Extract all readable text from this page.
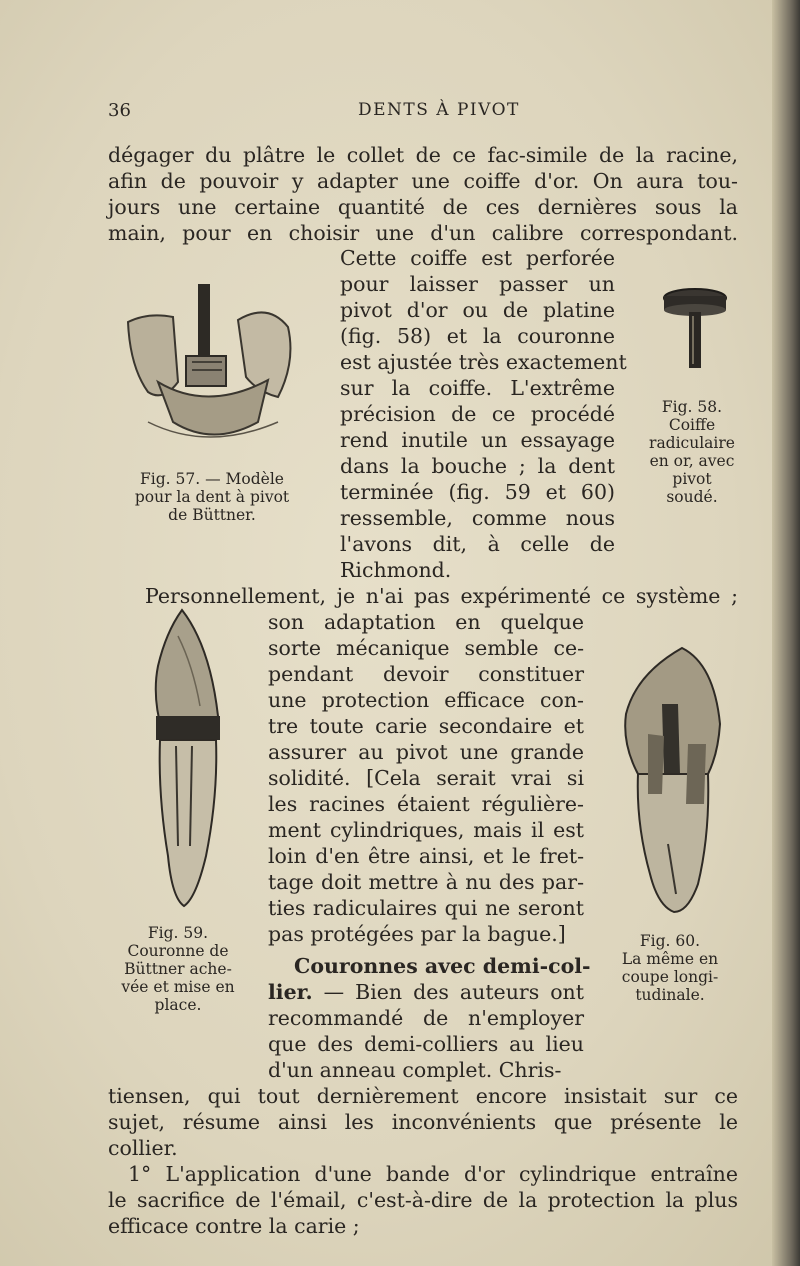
36	DENTS À PIVOT
dégager du plâtre le collet de ce fac-simile de la racine,
afin de pouvoir y adapter une coiffe d'or. On aura tou-
jours une certaine quantité de ces dernières sous la
main, pour en choisir une d'un calibre correspondant.
Cette coiffe est perforée
pour laisser passer un
pivot d'or ou de platine
(fig. 58) et la couronne
est ajustée très exactement
sur la coiffe. L'extrême
précision de ce procédé
rend inutile un essayage
dans la bouche ; la dent
terminée (fig. 59 et 60)
ressemble, comme nous
l'avons dit, à celle de
Richmond.
Personnellement, je n'ai pas expérimenté ce système ;
son adaptation en quelque
sorte mécanique semble ce-
pendant devoir constituer
une protection efficace con-
tre toute carie secondaire et
assurer au pivot une grande
solidité. [Cela serait vrai si
les racines étaient régulière-
ment cylindriques, mais il est
loin d'en être ainsi, et le fret-
tage doit mettre à nu des par-
ties radiculaires qui ne seront
pas protégées par la bague.]
Couronnes avec demi-col-
lier. — Bien des auteurs ont
recommandé de n'employer
que des demi-colliers au lieu
d'un anneau complet. Chris-
tiensen, qui tout dernièrement encore insistait sur ce
sujet, résume ainsi les inconvénients que présente le
collier.
1° L'application d'une bande d'or cylindrique entraîne
le sacrifice de l'émail, c'est-à-dire de la protection la plus
efficace contre la carie ;
Fig. 57. — Modèle
pour la dent à pivot
de Büttner.
Fig. 58.
Coiffe
radiculaire
en or, avec
pivot
soudé.
Fig. 59.
Couronne de
Büttner ache-
vée et mise en
place.
Fig. 60.
La même en
coupe longi-
tudinale.
